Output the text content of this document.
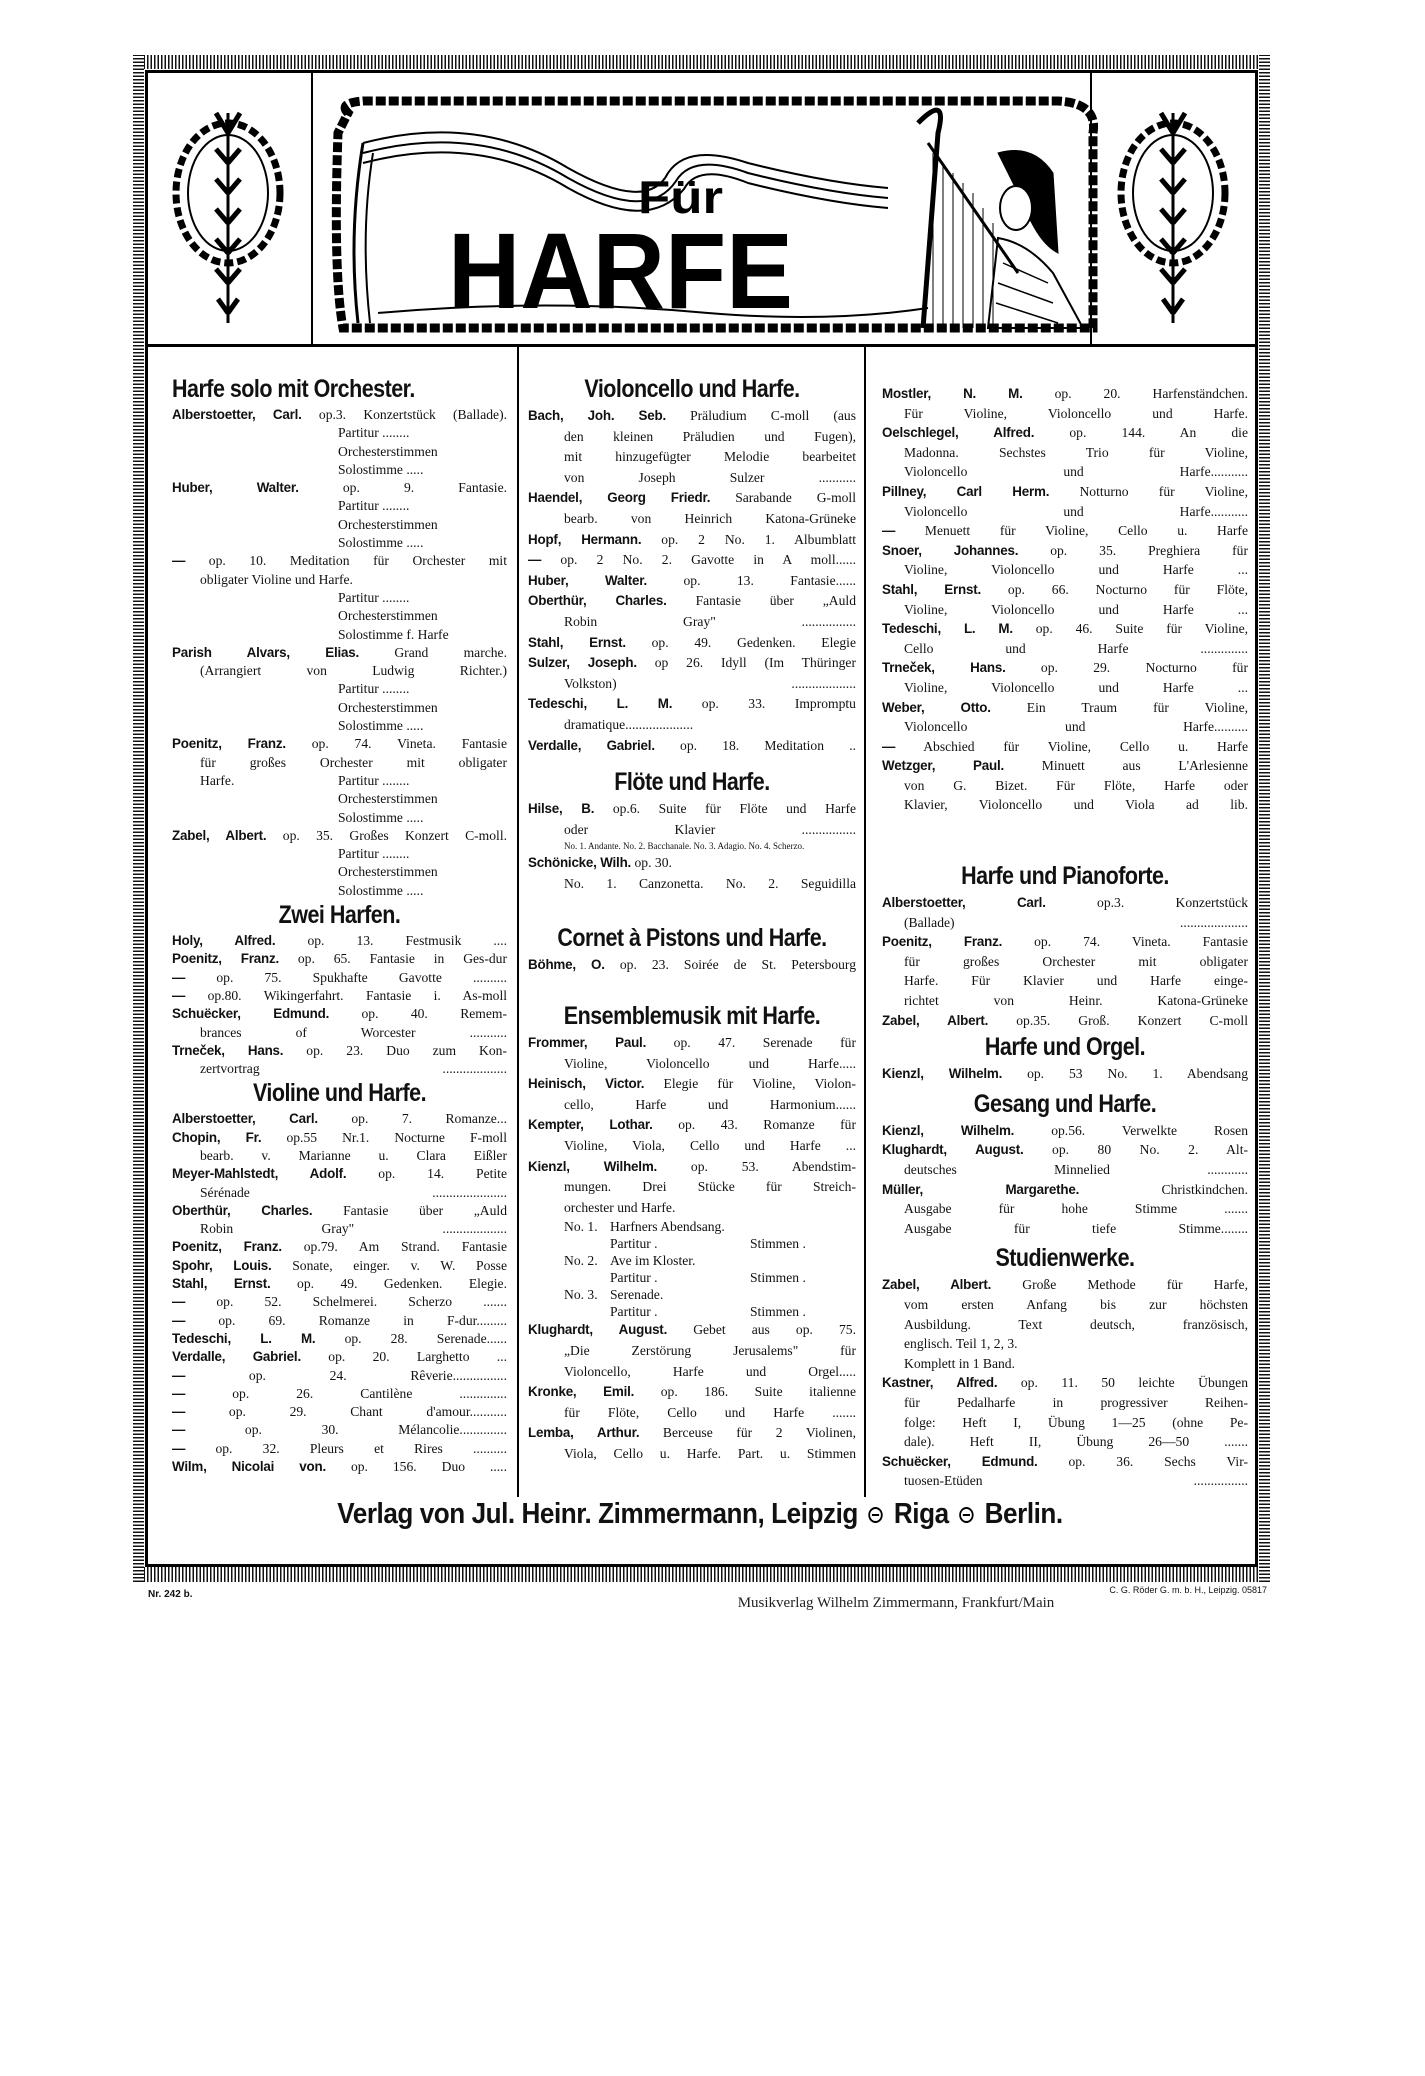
Für
HARFE
Harfe solo mit Orchester.
Alberstoetter, Carl. op.3. Konzertstück (Ballade).
Partitur ........
Orchesterstimmen
Solostimme .....
Huber, Walter.	op. 9. Fantasie.
Partitur ........
Orchesterstimmen
Solostimme .....
— op. 10. Meditation für Orchester mit
obligater Violine und Harfe.
Partitur ........
Orchesterstimmen
Solostimme f. Harfe
Parish Alvars, Elias.	Grand marche.
(Arrangiert von Ludwig Richter.)
Partitur ........
Orchesterstimmen
Solostimme .....
Poenitz, Franz. op. 74. Vineta. Fantasie
für großes Orchester mit obligater
Harfe.	Partitur ........
Orchesterstimmen
Solostimme .....
Zabel, Albert. op. 35. Großes Konzert C-moll.
Partitur ........
Orchesterstimmen
Solostimme .....
Zwei Harfen.
Holy, Alfred. op. 13. Festmusik ....
Poenitz, Franz. op. 65. Fantasie in Ges-dur
— op. 75. Spukhafte Gavotte ..........
— op.80. Wikingerfahrt. Fantasie i. As-moll
Schuëcker, Edmund. op. 40. Remem-
brances of Worcester ...........
Trneček, Hans. op. 23. Duo zum Kon-
zertvortrag ...................
Violine und Harfe.
Alberstoetter, Carl. op. 7. Romanze...
Chopin, Fr. op.55 Nr.1. Nocturne F-moll
bearb. v. Marianne u. Clara Eißler
Meyer-Mahlstedt, Adolf. op. 14. Petite
Sérénade ......................
Oberthür, Charles. Fantasie über „Auld
Robin Gray" ...................
Poenitz, Franz. op.79. Am Strand. Fantasie
Spohr, Louis. Sonate, einger. v. W. Posse
Stahl, Ernst. op. 49. Gedenken. Elegie.
— op. 52. Schelmerei. Scherzo .......
— op. 69. Romanze in F-dur.........
Tedeschi, L. M. op. 28. Serenade......
Verdalle, Gabriel. op. 20. Larghetto ...
—	op. 24. Rêverie................
—	op. 26. Cantilène ..............
—	op. 29. Chant d'amour...........
—	op. 30. Mélancolie..............
— op. 32. Pleurs et Rires ..........
Wilm, Nicolai von. op. 156. Duo .....
Violoncello und Harfe.
Bach, Joh. Seb. Präludium C-moll (aus
den kleinen Präludien und Fugen),
mit hinzugefügter Melodie bearbeitet
von Joseph Sulzer ...........
Haendel, Georg Friedr. Sarabande G-moll
bearb. von Heinrich Katona-Grüneke
Hopf, Hermann. op. 2 No. 1. Albumblatt
— op. 2 No. 2. Gavotte in A moll......
Huber, Walter.	op. 13. Fantasie......
Oberthür, Charles. Fantasie über „Auld
Robin Gray" ................
Stahl, Ernst. op. 49. Gedenken. Elegie
Sulzer, Joseph. op 26. Idyll (Im Thüringer
Volkston) ...................
Tedeschi, L. M. op. 33. Impromptu
dramatique....................
Verdalle, Gabriel. op. 18. Meditation ..
Flöte und Harfe.
Hilse, B. op.6. Suite für Flöte und Harfe
oder Klavier ................
No. 1. Andante. No. 2. Bacchanale. No. 3. Adagio. No. 4. Scherzo.
Schönicke, Wilh. op. 30.
No. 1. Canzonetta. No. 2. Seguidilla
Cornet à Pistons und Harfe.
Böhme, O. op. 23. Soirée de St. Petersbourg
Ensemblemusik mit Harfe.
Frommer, Paul. op. 47. Serenade für
Violine, Violoncello und Harfe.....
Heinisch, Victor. Elegie für Violine, Violon-
cello, Harfe und Harmonium......
Kempter, Lothar. op. 43. Romanze für
Violine, Viola, Cello und Harfe ...
Kienzl, Wilhelm. op. 53. Abendstim-
mungen. Drei Stücke für Streich-
orchester und Harfe.
No. 1. Harfners Abendsang.
Partitur .	Stimmen .
No. 2. Ave im Kloster.
Partitur .	Stimmen .
No. 3. Serenade.
Partitur .	Stimmen .
Klughardt, August. Gebet aus op. 75.
„Die Zerstörung Jerusalems" für
Violoncello, Harfe und Orgel.....
Kronke, Emil. op. 186. Suite italienne
für Flöte, Cello und Harfe .......
Lemba, Arthur. Berceuse für 2 Violinen,
Viola, Cello u. Harfe. Part. u. Stimmen
Mostler, N. M. op. 20. Harfenständchen.
Für Violine, Violoncello und Harfe.
Oelschlegel, Alfred.	op. 144. An die
Madonna. Sechstes Trio für Violine,
Violoncello und Harfe...........
Pillney, Carl Herm. Notturno für Violine,
Violoncello und Harfe...........
— Menuett für Violine, Cello u. Harfe
Snoer, Johannes. op. 35. Preghiera für
Violine, Violoncello und Harfe ...
Stahl, Ernst. op. 66. Nocturno für Flöte,
Violine, Violoncello und Harfe ...
Tedeschi, L. M. op. 46. Suite für Violine,
Cello und Harfe ..............
Trneček, Hans.	op. 29. Nocturno für
Violine, Violoncello und Harfe ...
Weber, Otto.	Ein Traum für Violine,
Violoncello und Harfe..........
— Abschied für Violine, Cello u. Harfe
Wetzger, Paul.	Minuett aus L'Arlesienne
von G. Bizet. Für Flöte, Harfe oder
Klavier, Violoncello und Viola ad lib.
Harfe und Pianoforte.
Alberstoetter, Carl.	op.3. Konzertstück
(Ballade) ....................
Poenitz, Franz. op. 74. Vineta. Fantasie
für großes Orchester mit obligater
Harfe. Für Klavier und Harfe einge-
richtet von Heinr. Katona-Grüneke
Zabel, Albert. op.35. Groß. Konzert C-moll
Harfe und Orgel.
Kienzl, Wilhelm. op. 53 No. 1. Abendsang
Gesang und Harfe.
Kienzl, Wilhelm.	op.56. Verwelkte Rosen
Klughardt, August. op. 80 No. 2. Alt-
deutsches Minnelied ............
Müller, Margarethe.	Christkindchen.
Ausgabe für hohe Stimme .......
Ausgabe für tiefe Stimme........
Studienwerke.
Zabel, Albert. Große Methode für Harfe,
vom ersten Anfang bis zur höchsten
Ausbildung. Text deutsch, französisch,
englisch. Teil 1, 2, 3.
Komplett in 1 Band.
Kastner, Alfred. op. 11. 50 leichte Übungen
für Pedalharfe in progressiver Reihen-
folge: Heft I, Übung 1—25 (ohne Pe-
dale). Heft II, Übung 26—50 .......
Schuëcker, Edmund. op. 36. Sechs Vir-
tuosen-Etüden ................
Verlag von Jul. Heinr. Zimmermann, Leipzig Riga Berlin.
Nr. 242 b.	C. G. Röder G. m. b. H., Leipzig. 05817
Musikverlag Wilhelm Zimmermann, Frankfurt/Main
